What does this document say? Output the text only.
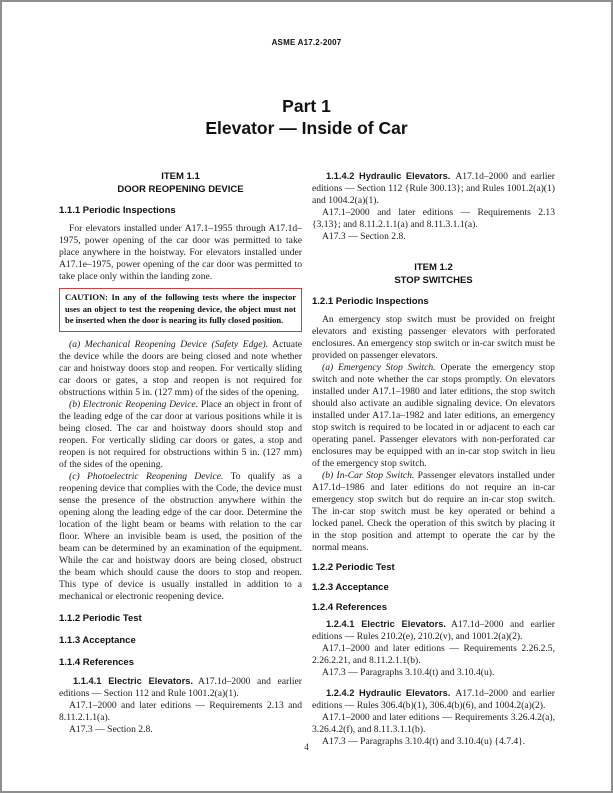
ASME A17.2-2007
Part 1
Elevator — Inside of Car
ITEM 1.1
DOOR REOPENING DEVICE
1.1.1 Periodic Inspections

For elevators installed under A17.1–1955 through A17.1d–1975, power opening of the car door was permitted to take place anywhere in the hoistway. For elevators installed under A17.1e–1975, power opening of the car door was permitted to take place only within the landing zone.

CAUTION: In any of the following tests where the inspector uses an object to test the reopening device, the object must not be inserted when the door is nearing its fully closed position.

(a) Mechanical Reopening Device (Safety Edge). Actuate the device while the doors are being closed and note whether car and hoistway doors stop and reopen. For vertically sliding car doors or gates, a stop and reopen is not required for obstructions within 5 in. (127 mm) of the sides of the opening.

(b) Electronic Reopening Device. Place an object in front of the leading edge of the car door at various positions while it is being closed. The car and hoistway doors should stop and reopen. For vertically sliding car doors or gates, a stop and reopen is not required for obstructions within 5 in. (127 mm) of the sides of the opening.

(c) Photoelectric Reopening Device. To qualify as a reopening device that complies with the Code, the device must sense the presence of the obstruction anywhere within the opening along the leading edge of the car door. Determine the location of the light beam or beams with relation to the car floor. Where an invisible beam is used, the position of the beam can be determined by an examination of the equipment. While the car and hoistway doors are being closed, obstruct the beam which should cause the doors to stop and reopen. This type of device is usually installed in addition to a mechanical or electronic reopening device.

1.1.2 Periodic Test
1.1.3 Acceptance
1.1.4 References

1.1.4.1 Electric Elevators. A17.1d–2000 and earlier editions — Section 112 and Rule 1001.2(a)(1).

A17.1–2000 and later editions — Requirements 2.13 and 8.11.2.1.1(a).

A17.3 — Section 2.8.

1.1.4.2 Hydraulic Elevators. A17.1d–2000 and earlier editions — Section 112 {Rule 300.13}; and Rules 1001.2(a)(1) and 1004.2(a)(1).

A17.1–2000 and later editions — Requirements 2.13 {3.13}; and 8.11.2.1.1(a) and 8.11.3.1.1(a).

A17.3 — Section 2.8.

ITEM 1.2
STOP SWITCHES
1.2.1 Periodic Inspections

An emergency stop switch must be provided on freight elevators and existing passenger elevators with perforated enclosures. An emergency stop switch or in-car switch must be provided on passenger elevators.

(a) Emergency Stop Switch. Operate the emergency stop switch and note whether the car stops promptly. On elevators installed under A17.1–1980 and later editions, the stop switch should also activate an audible signaling device. On elevators installed under A17.1a–1982 and later editions, an emergency stop switch is required to be located in or adjacent to each car operating panel. Passenger elevators with non-perforated car enclosures may be equipped with an in-car stop switch in lieu of the emergency stop switch.

(b) In-Car Stop Switch. Passenger elevators installed under A17.1d–1986 and later editions do not require an in-car emergency stop switch but do require an in-car stop switch. The in-car stop switch must be key operated or behind a locked panel. Check the operation of this switch by placing it in the stop position and attempt to operate the car by the normal means.

1.2.2 Periodic Test
1.2.3 Acceptance
1.2.4 References

1.2.4.1 Electric Elevators. A17.1d–2000 and earlier editions — Rules 210.2(e), 210.2(v), and 1001.2(a)(2).

A17.1–2000 and later editions — Requirements 2.26.2.5, 2.26.2.21, and 8.11.2.1.1(b).

A17.3 — Paragraphs 3.10.4(t) and 3.10.4(u).

1.2.4.2 Hydraulic Elevators. A17.1d–2000 and earlier editions — Rules 306.4(b)(1), 306.4(b)(6), and 1004.2(a)(2).

A17.1–2000 and later editions — Requirements 3.26.4.2(a), 3.26.4.2(f), and 8.11.3.1.1(b).

A17.3 — Paragraphs 3.10.4(t) and 3.10.4(u) {4.7.4}.

4
